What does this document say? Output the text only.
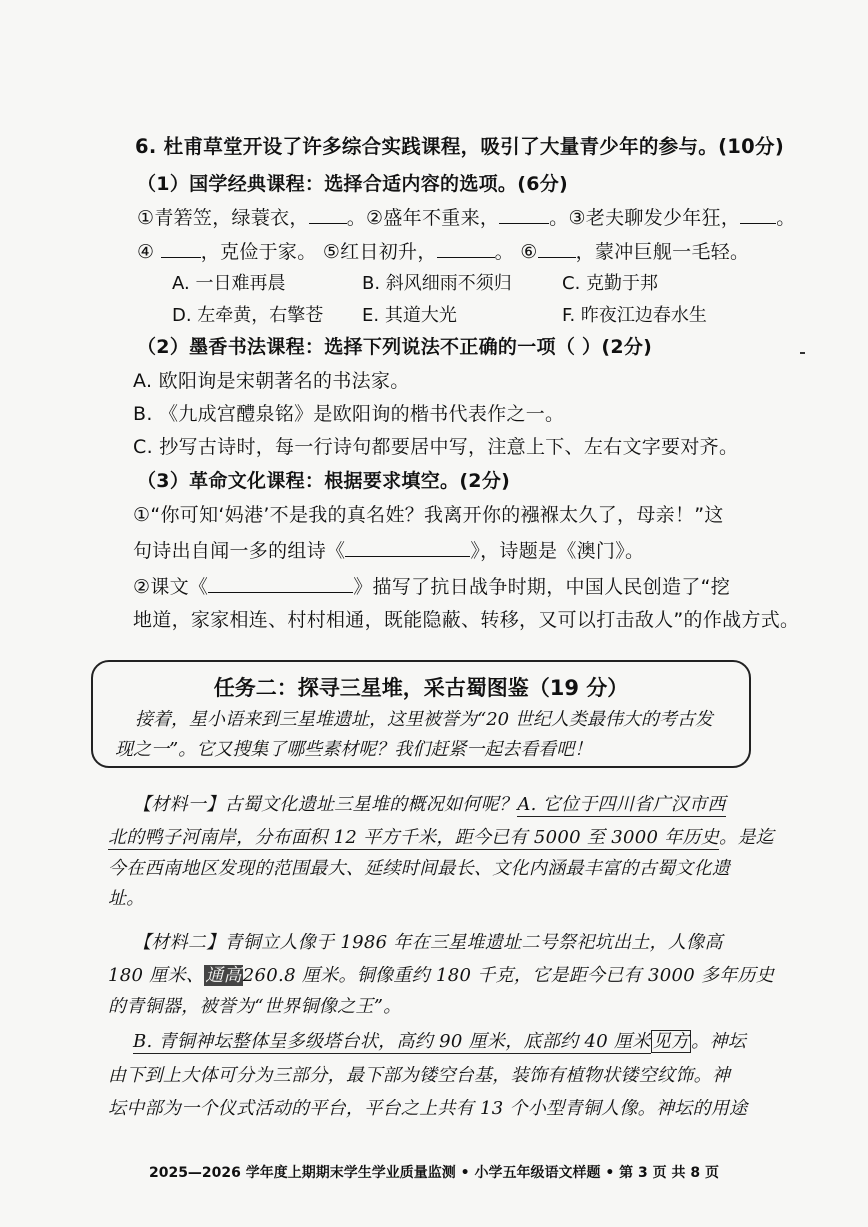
6. 杜甫草堂开设了许多综合实践课程，吸引了大量青少年的参与。(10分)
（1）国学经典课程：选择合适内容的选项。(6分)
①青箬笠，绿蓑衣， 。②盛年不重来，	。③老夫聊发少年狂， 。
④ ，克俭于家。 ⑤红日初升，	。 ⑥ ，蒙冲巨舰一毛轻。
A. 一日难再晨	B. 斜风细雨不须归	C. 克勤于邦
D. 左牵黄，右擎苍 E. 其道大光	F. 昨夜江边春水生
（2）墨香书法课程：选择下列说法不正确的一项（ ）(2分)
A. 欧阳询是宋朝著名的书法家。
B. 《九成宫醴泉铭》是欧阳询的楷书代表作之一。
C. 抄写古诗时，每一行诗句都要居中写，注意上下、左右文字要对齐。
（3）革命文化课程：根据要求填空。(2分)
①“你可知‘妈港’不是我的真名姓？我离开你的襁褓太久了，母亲！”这
句诗出自闻一多的组诗《	》，诗题是《澳门》。
②课文《	》描写了抗日战争时期，中国人民创造了“挖
地道，家家相连、村村相通，既能隐蔽、转移，又可以打击敌人”的作战方式。
任务二：探寻三星堆，采古蜀图鉴（19 分）
接着，星小语来到三星堆遗址，这里被誉为“20 世纪人类最伟大的考古发
现之一”。它又搜集了哪些素材呢？我们赶紧一起去看看吧！
【材料一】古蜀文化遗址三星堆的概况如何呢？A. 它位于四川省广汉市西
北的鸭子河南岸，分布面积 12 平方千米，距今已有 5000 至 3000 年历史。是迄
今在西南地区发现的范围最大、延续时间最长、文化内涵最丰富的古蜀文化遗
址。
【材料二】青铜立人像于 1986 年在三星堆遗址二号祭祀坑出土，人像高
180 厘米、通高260.8 厘米。铜像重约 180 千克，它是距今已有 3000 多年历史
的青铜器，被誉为“世界铜像之王”。
B. 青铜神坛整体呈多级塔台状，高约 90 厘米，底部约 40 厘米 见方 。神坛
由下到上大体可分为三部分，最下部为镂空台基，装饰有植物状镂空纹饰。神
坛中部为一个仪式活动的平台，平台之上共有 13 个小型青铜人像。神坛的用途
2025—2026 学年度上期期末学生学业质量监测 • 小学五年级语文样题 • 第 3 页 共 8 页
